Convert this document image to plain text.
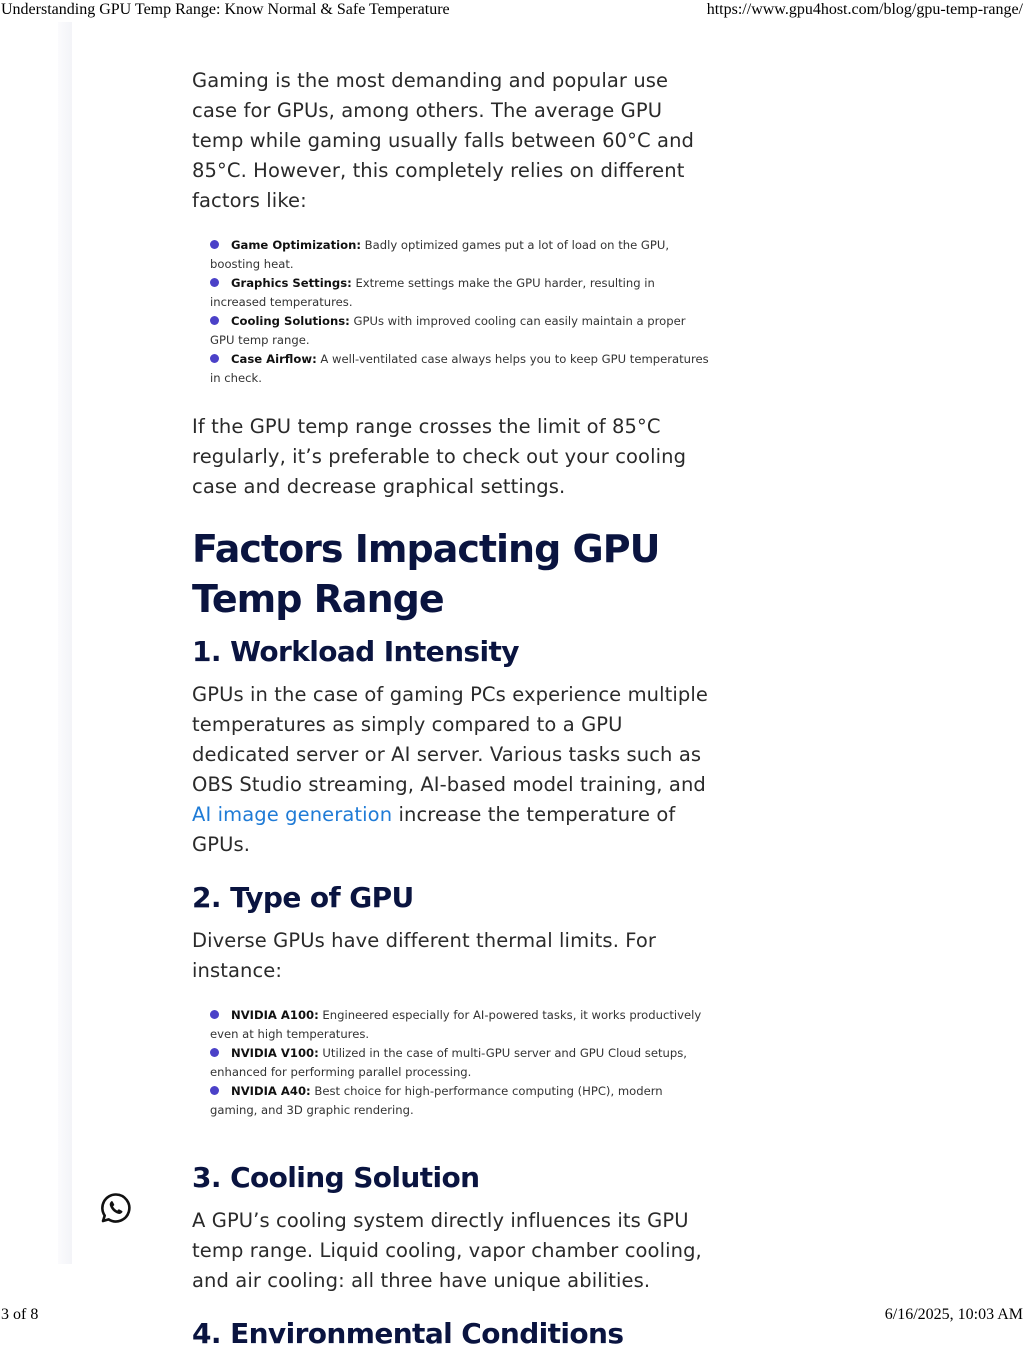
Understanding GPU Temp Range: Know Normal & Safe Temperature	https://www.gpu4host.com/blog/gpu-temp-range/

Gaming is the most demanding and popular use case for GPUs, among others. The average GPU temp while gaming usually falls between 60°C and 85°C. However, this completely relies on different factors like:

Game Optimization: Badly optimized games put a lot of load on the GPU, boosting heat.
Graphics Settings: Extreme settings make the GPU harder, resulting in increased temperatures.
Cooling Solutions: GPUs with improved cooling can easily maintain a proper GPU temp range.
Case Airflow: A well-ventilated case always helps you to keep GPU temperatures in check.

If the GPU temp range crosses the limit of 85°C regularly, it’s preferable to check out your cooling case and decrease graphical settings.

Factors Impacting GPU Temp Range
1. Workload Intensity

GPUs in the case of gaming PCs experience multiple temperatures as simply compared to a GPU dedicated server or AI server. Various tasks such as OBS Studio streaming, AI-based model training, and AI image generation increase the temperature of GPUs.

2. Type of GPU

Diverse GPUs have different thermal limits. For instance:

NVIDIA A100: Engineered especially for AI-powered tasks, it works productively even at high temperatures.
NVIDIA V100: Utilized in the case of multi-GPU server and GPU Cloud setups, enhanced for performing parallel processing.
NVIDIA A40: Best choice for high-performance computing (HPC), modern gaming, and 3D graphic rendering.
3. Cooling Solution

A GPU’s cooling system directly influences its GPU temp range. Liquid cooling, vapor chamber cooling, and air cooling: all three have unique abilities.

4. Environmental Conditions
3 of 8	6/16/2025, 10:03 AM
